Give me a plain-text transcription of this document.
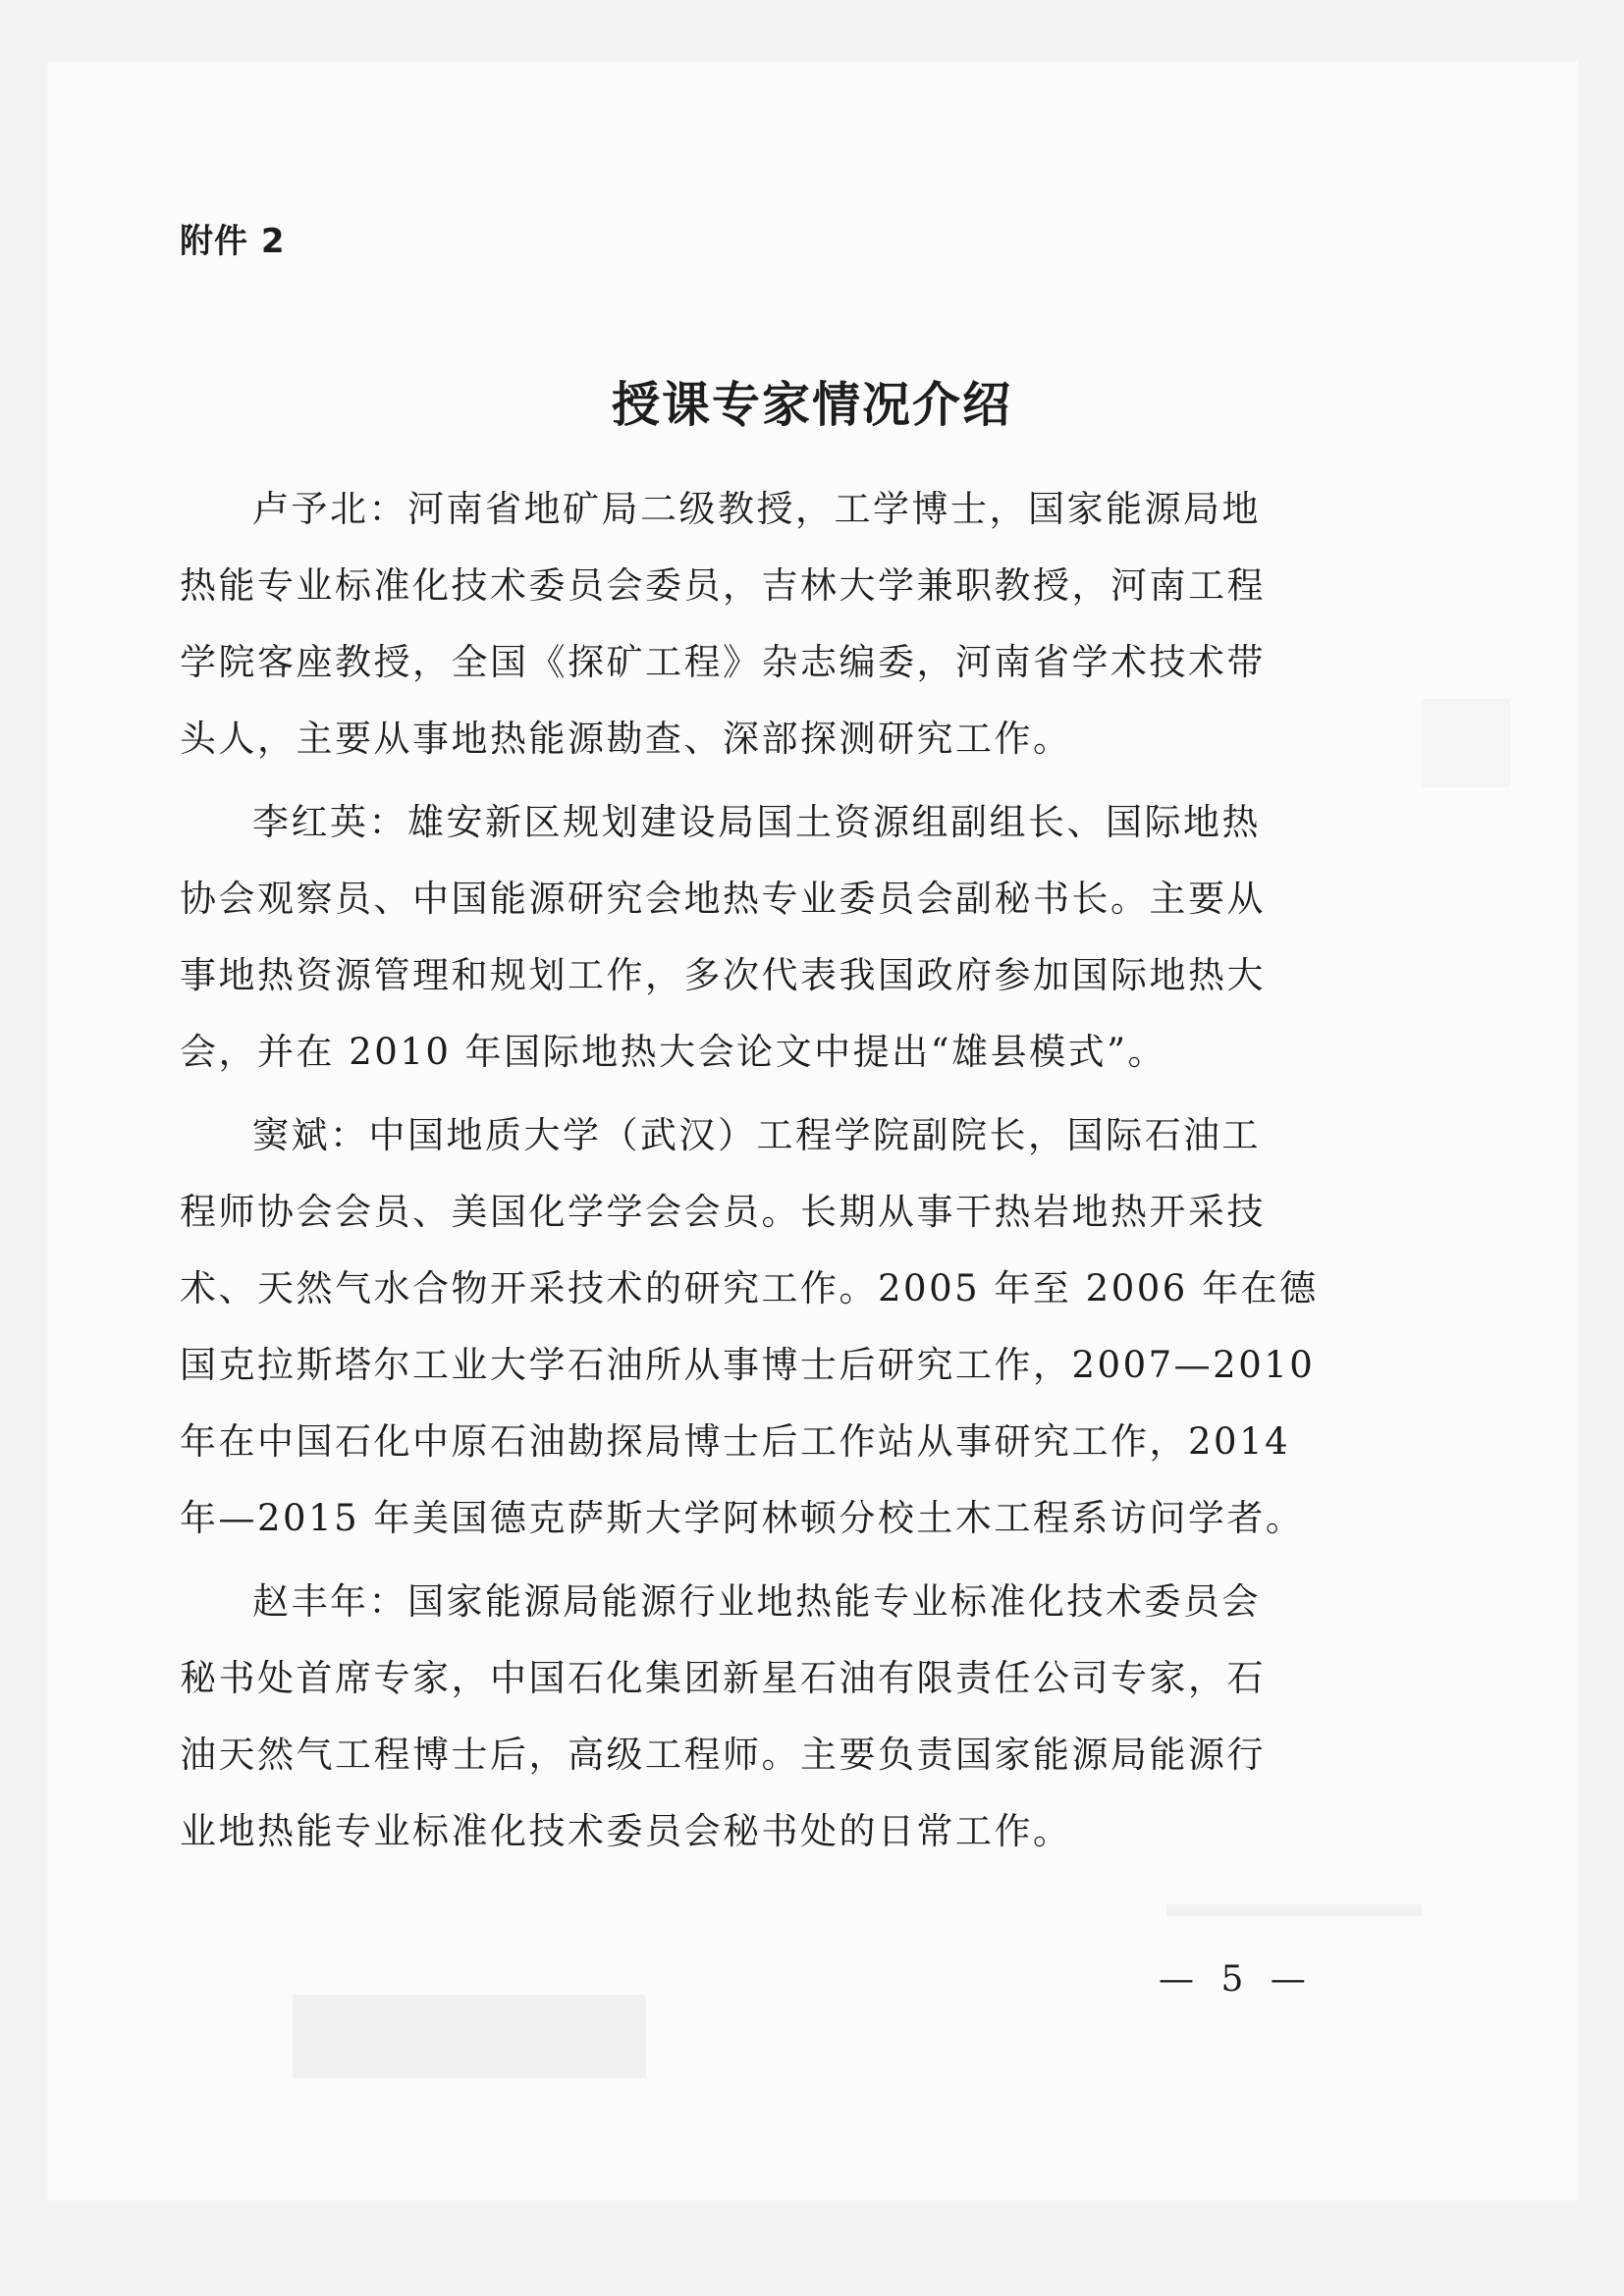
附件 2
授课专家情况介绍
卢予北：河南省地矿局二级教授，工学博士，国家能源局地
热能专业标准化技术委员会委员，吉林大学兼职教授，河南工程
学院客座教授，全国《探矿工程》杂志编委，河南省学术技术带
头人，主要从事地热能源勘查、深部探测研究工作。
李红英：雄安新区规划建设局国土资源组副组长、国际地热
协会观察员、中国能源研究会地热专业委员会副秘书长。主要从
事地热资源管理和规划工作，多次代表我国政府参加国际地热大
会，并在 2010 年国际地热大会论文中提出“雄县模式”。
窦斌：中国地质大学（武汉）工程学院副院长，国际石油工
程师协会会员、美国化学学会会员。长期从事干热岩地热开采技
术、天然气水合物开采技术的研究工作。2005 年至 2006 年在德
国克拉斯塔尔工业大学石油所从事博士后研究工作，2007—2010
年在中国石化中原石油勘探局博士后工作站从事研究工作，2014
年—2015 年美国德克萨斯大学阿林顿分校土木工程系访问学者。
赵丰年：国家能源局能源行业地热能专业标准化技术委员会
秘书处首席专家，中国石化集团新星石油有限责任公司专家，石
油天然气工程博士后，高级工程师。主要负责国家能源局能源行
业地热能专业标准化技术委员会秘书处的日常工作。
— 5 —
